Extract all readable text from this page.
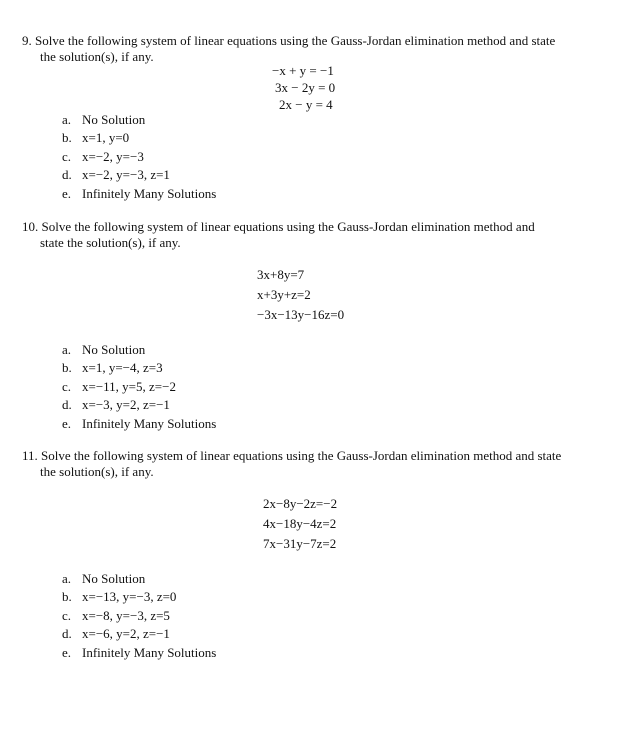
9. Solve the following system of linear equations using the Gauss-Jordan elimination method and state
the solution(s), if any.
−x + y = −1
3x − 2y = 0
2x − y = 4
a. No Solution
b. x=1, y=0
c. x=−2, y=−3
d. x=−2, y=−3, z=1
e. Infinitely Many Solutions
10. Solve the following system of linear equations using the Gauss-Jordan elimination method and
state the solution(s), if any.
3x+8y=7
x+3y+z=2
−3x−13y−16z=0
a. No Solution
b. x=1, y=−4, z=3
c. x=−11, y=5, z=−2
d. x=−3, y=2, z=−1
e. Infinitely Many Solutions
11. Solve the following system of linear equations using the Gauss-Jordan elimination method and state
the solution(s), if any.
2x−8y−2z=−2
4x−18y−4z=2
7x−31y−7z=2
a. No Solution
b. x=−13, y=−3, z=0
c. x=−8, y=−3, z=5
d. x=−6, y=2, z=−1
e. Infinitely Many Solutions
